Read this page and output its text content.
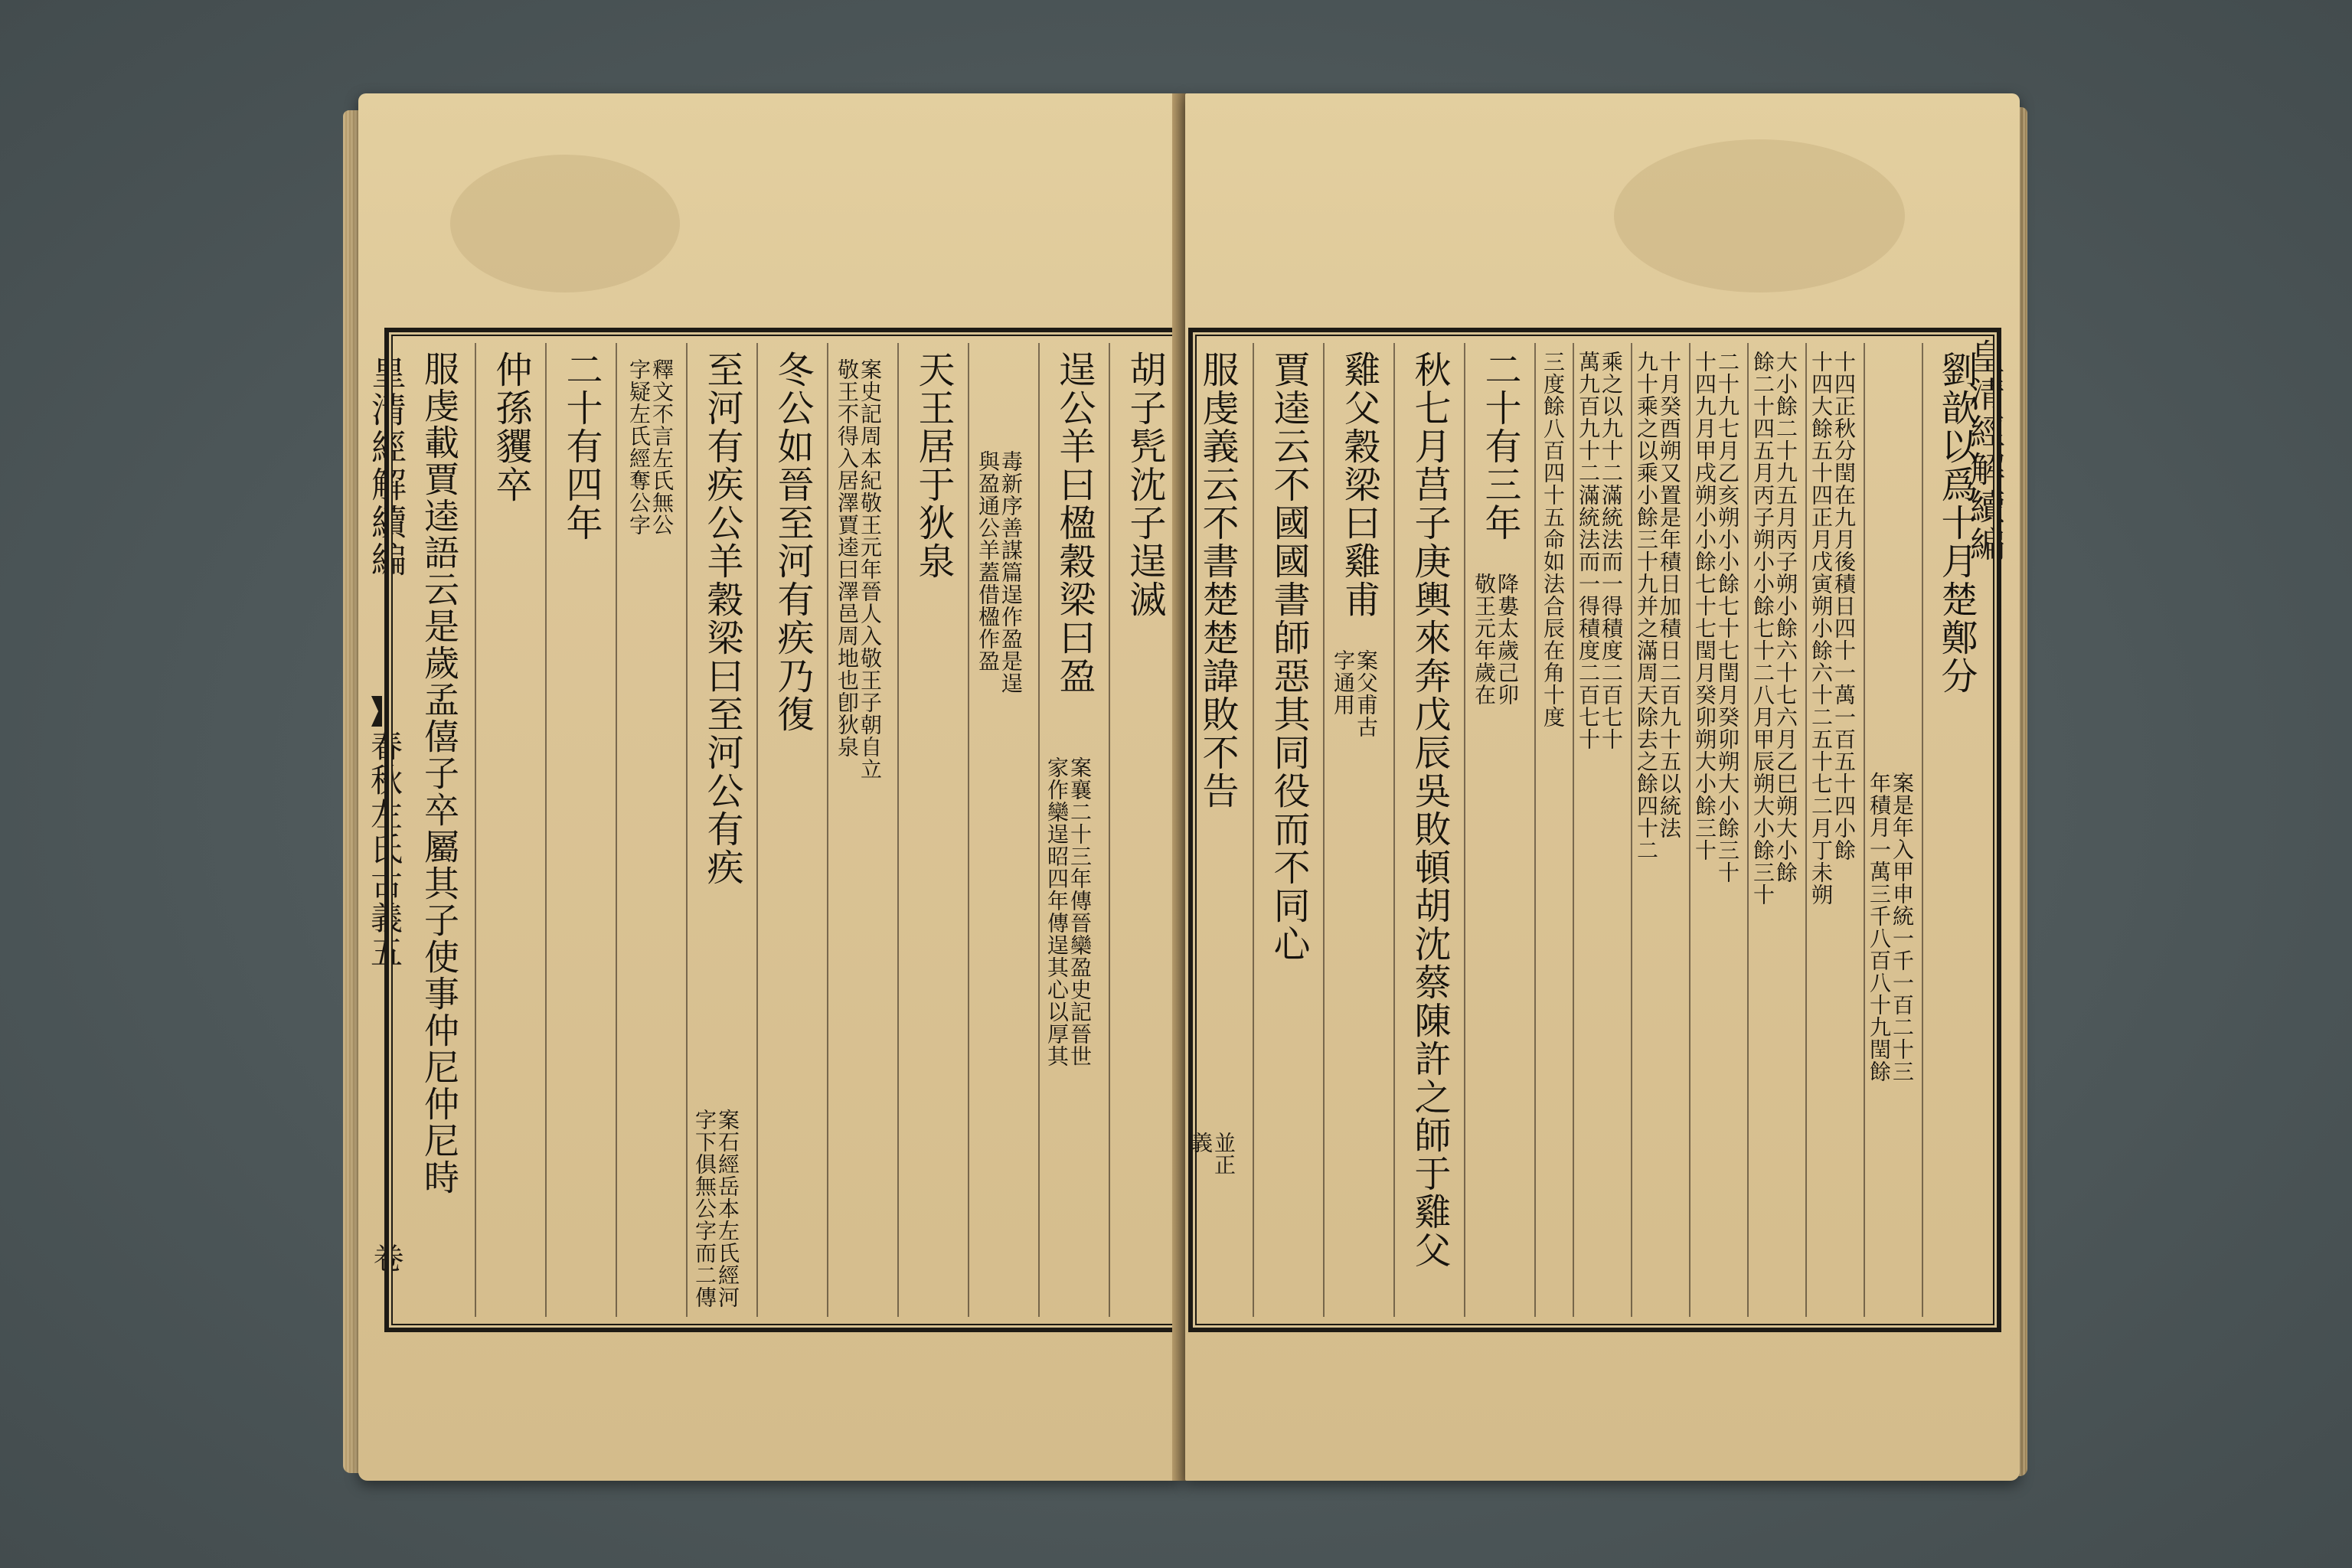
皇清經解續編
春秋左氏古義五
卷
胡子髠沈子逞滅
逞公羊曰楹穀梁曰盈
案襄二十三年傳晉欒盈史記晉世
家作欒逞昭四年傳逞其心以厚其
毒新序善謀篇逞作盈是逞
與盈通公羊蓋借楹作盈
天王居于狄泉
案史記周本紀敬王元年晉人入敬王子朝自立
敬王不得入居澤賈逵曰澤邑周地也卽狄泉
冬公如晉至河有疾乃復
至河有疾公羊穀梁曰至河公有疾
案石經岳本左氏經河
字下俱無公字而二傳
釋文不言左氏無公
字疑左氏經奪公字
二十有四年
仲孫貜卒
服虔載賈逵語云是歲孟僖子卒屬其子使事仲尼仲尼時	皇清經解續編
劉歆以爲十月楚鄭分
案是年入甲申統一千一百二十三
年積月一萬三千八百八十九閏餘
十四正秋分閏在九月後積日四十一萬一百五十四小餘
十四大餘五十四正月戊寅朔小餘六十二五十七二月丁未朔
大小餘二十九五月丙子朔小餘六十七六月乙巳朔大小餘
餘二十四五月丙子朔小小餘七十二八月甲辰朔大小餘三十
二十九七月乙亥朔小小餘七十七閏月癸卯朔大小餘三十
十四九月甲戌朔小小餘七十七閏月癸卯朔大小餘三十
十月癸酉朔又置是年積日加積日二百九十五以統法
九十乘之以乘小餘三十九并之滿周天除去之餘四十二
乘之以九十二滿統法而一得積度二百七十
萬九百九十二滿統法而一得積度二百七十
三度餘八百四十五命如法合辰在角十度
二十有三年
降婁太歲己卯
敬王元年歲在
秋七月莒子庚輿來奔戊辰吳敗頓胡沈蔡陳許之師于雞父
雞父穀梁曰雞甫
案父甫古
字通用
賈逵云不國國書師惡其同役而不同心
服虔義云不書楚楚諱敗不告
並正
義
